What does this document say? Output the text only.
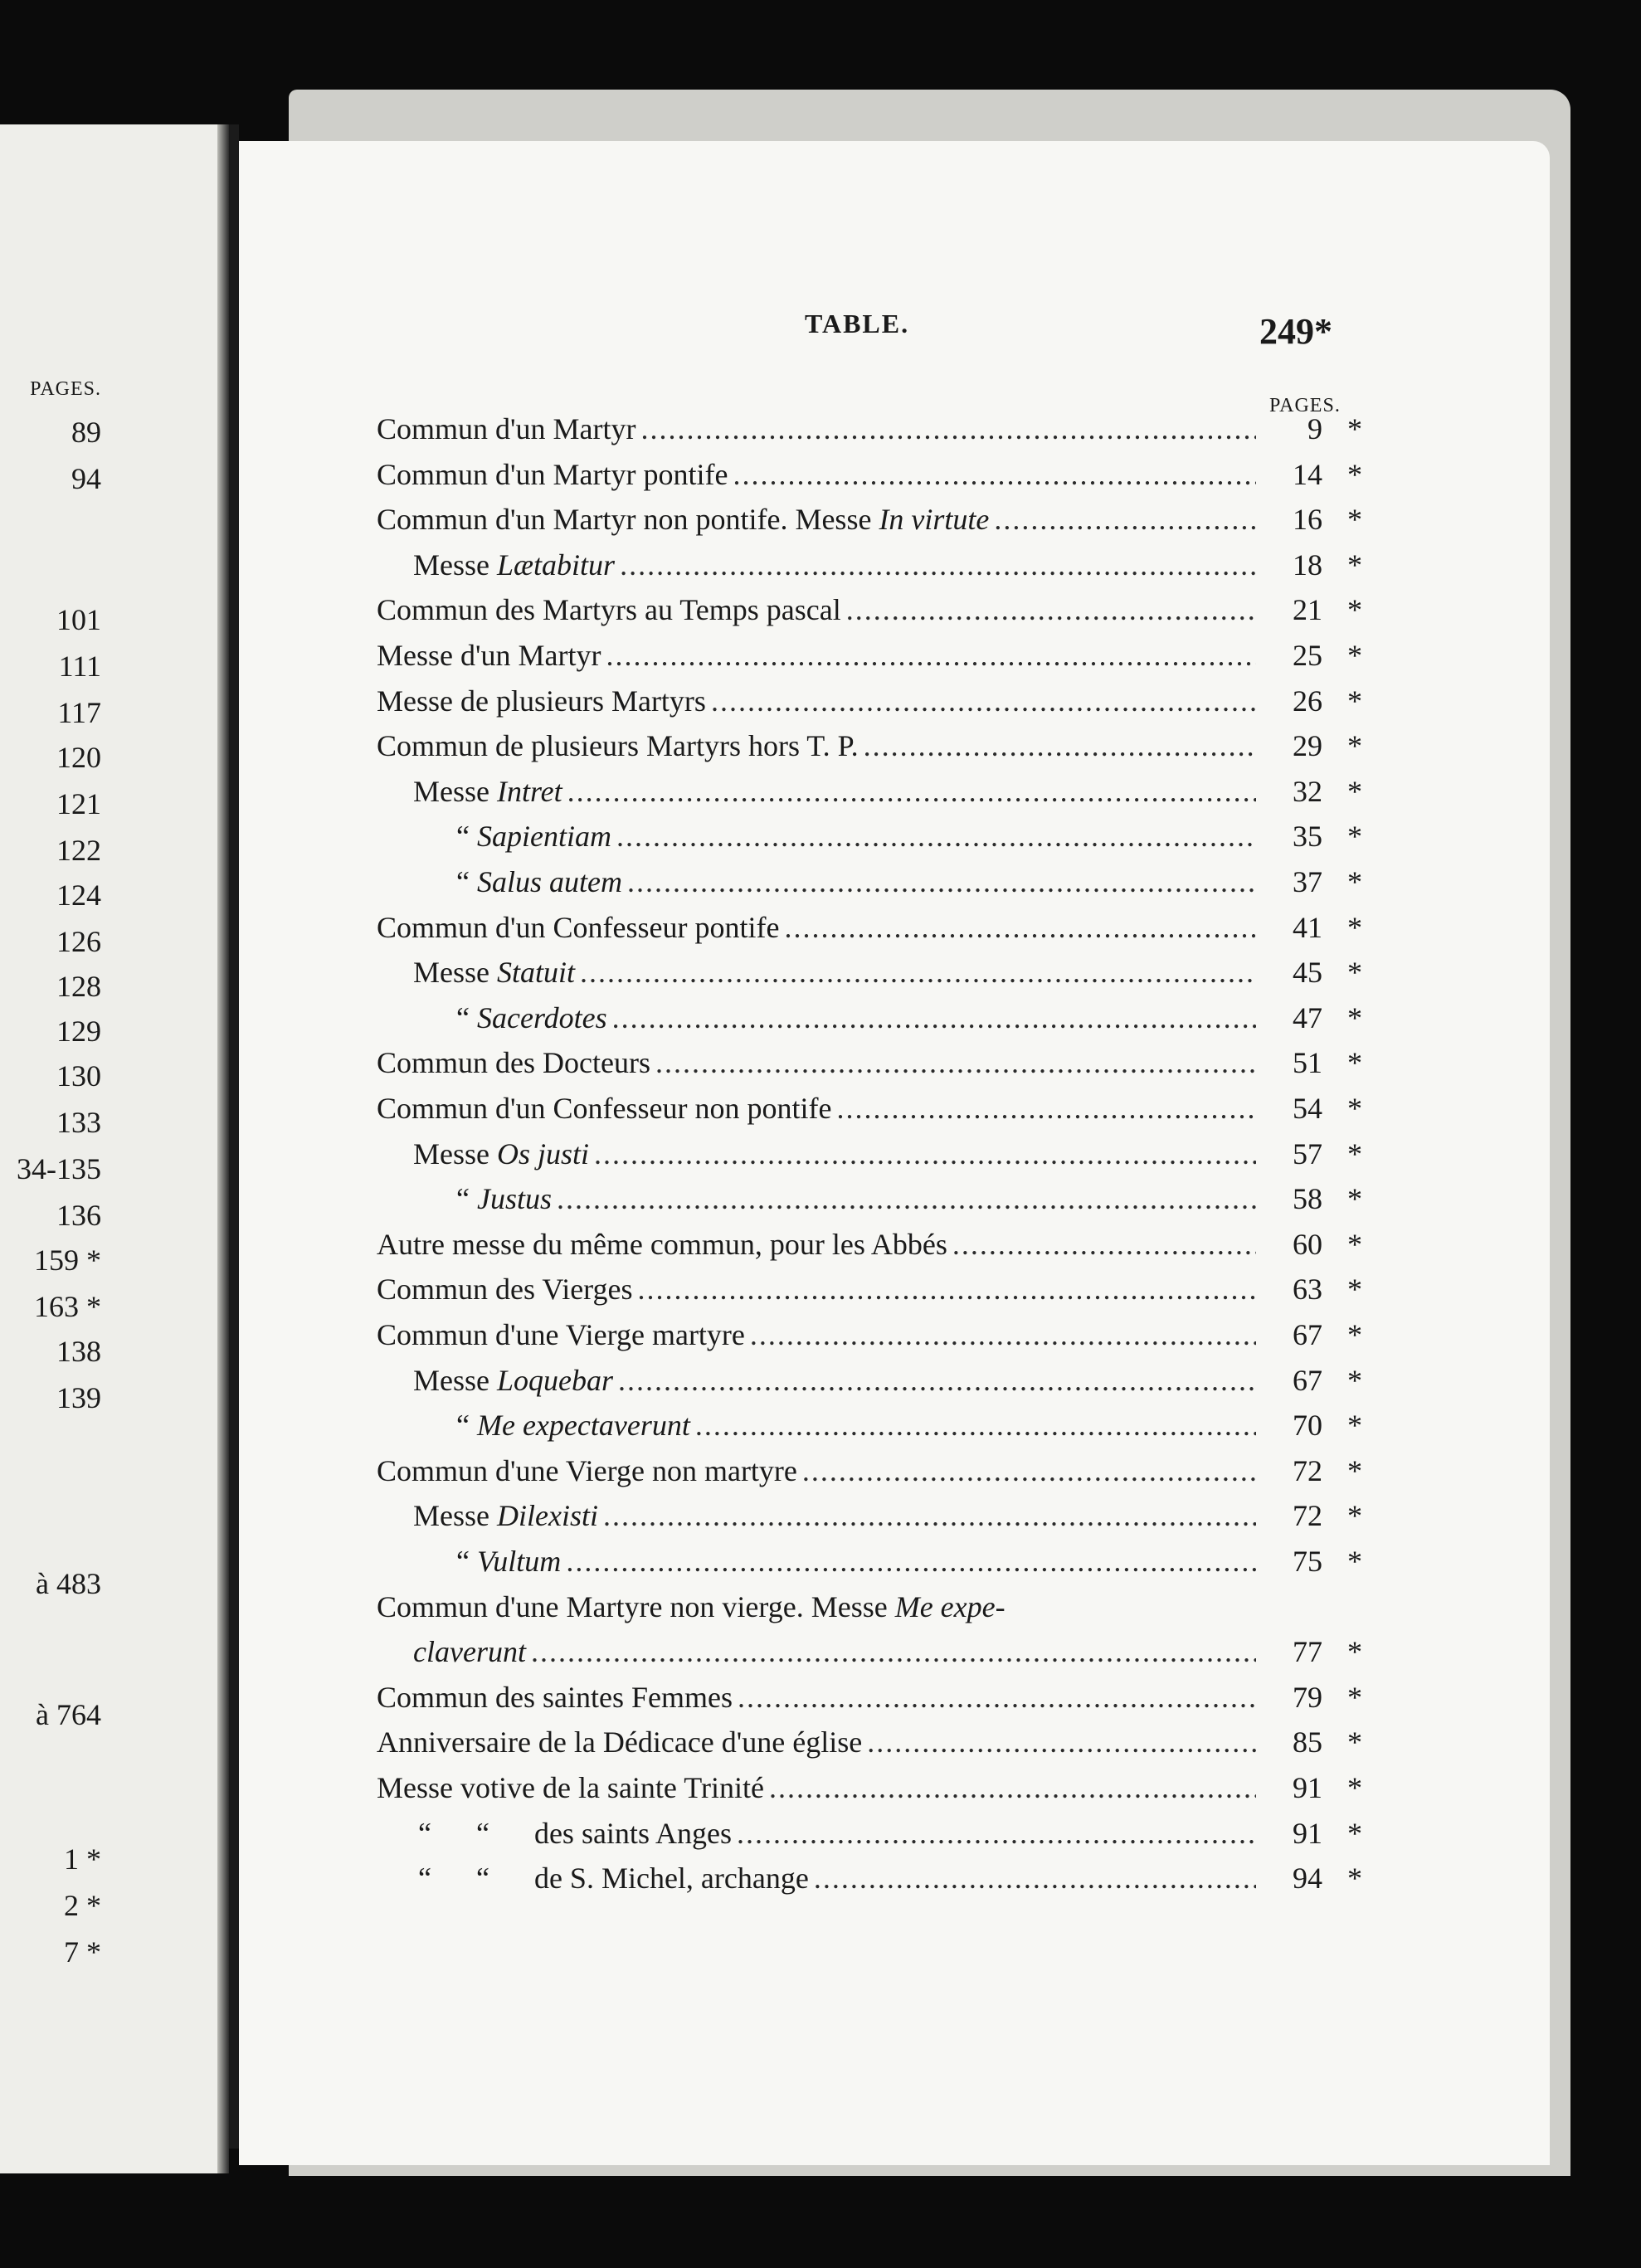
PAGES.
89
94
101
111
117
120
121
122
124
126
128
129
130
133
34-135
136
159 *
163 *
138
139
à 483
à 764
1 *
2 *
7 *
TABLE.	249*
PAGES.
Commun d'un Martyr .....	9 *
Commun d'un Martyr pontife .....	14 *
Commun d'un Martyr non pontife. Messe In virtute .....	16 *
Messe Lætabitur .....	18 *
Commun des Martyrs au Temps pascal .....	21 *
Messe d'un Martyr .....	25 *
Messe de plusieurs Martyrs .....	26 *
Commun de plusieurs Martyrs hors T. P. .....	29 *
Messe Intret .....	32 *
“ Sapientiam .....	35 *
“ Salus autem .....	37 *
Commun d'un Confesseur pontife .....	41 *
Messe Statuit .....	45 *
“ Sacerdotes .....	47 *
Commun des Docteurs .....	51 *
Commun d'un Confesseur non pontife .....	54 *
Messe Os justi .....	57 *
“ Justus .....	58 *
Autre messe du même commun, pour les Abbés .....	60 *
Commun des Vierges .....	63 *
Commun d'une Vierge martyre .....	67 *
Messe Loquebar .....	67 *
“ Me expectaverunt .....	70 *
Commun d'une Vierge non martyre .....	72 *
Messe Dilexisti .....	72 *
“ Vultum .....	75 *
Commun d'une Martyre non vierge. Messe Me expe-
claverunt .....	77 *
Commun des saintes Femmes .....	79 *
Anniversaire de la Dédicace d'une église .....	85 *
Messe votive de la sainte Trinité .....	91 *
“      “      des saints Anges .....	91 *
“      “      de S. Michel, archange .....	94 *
